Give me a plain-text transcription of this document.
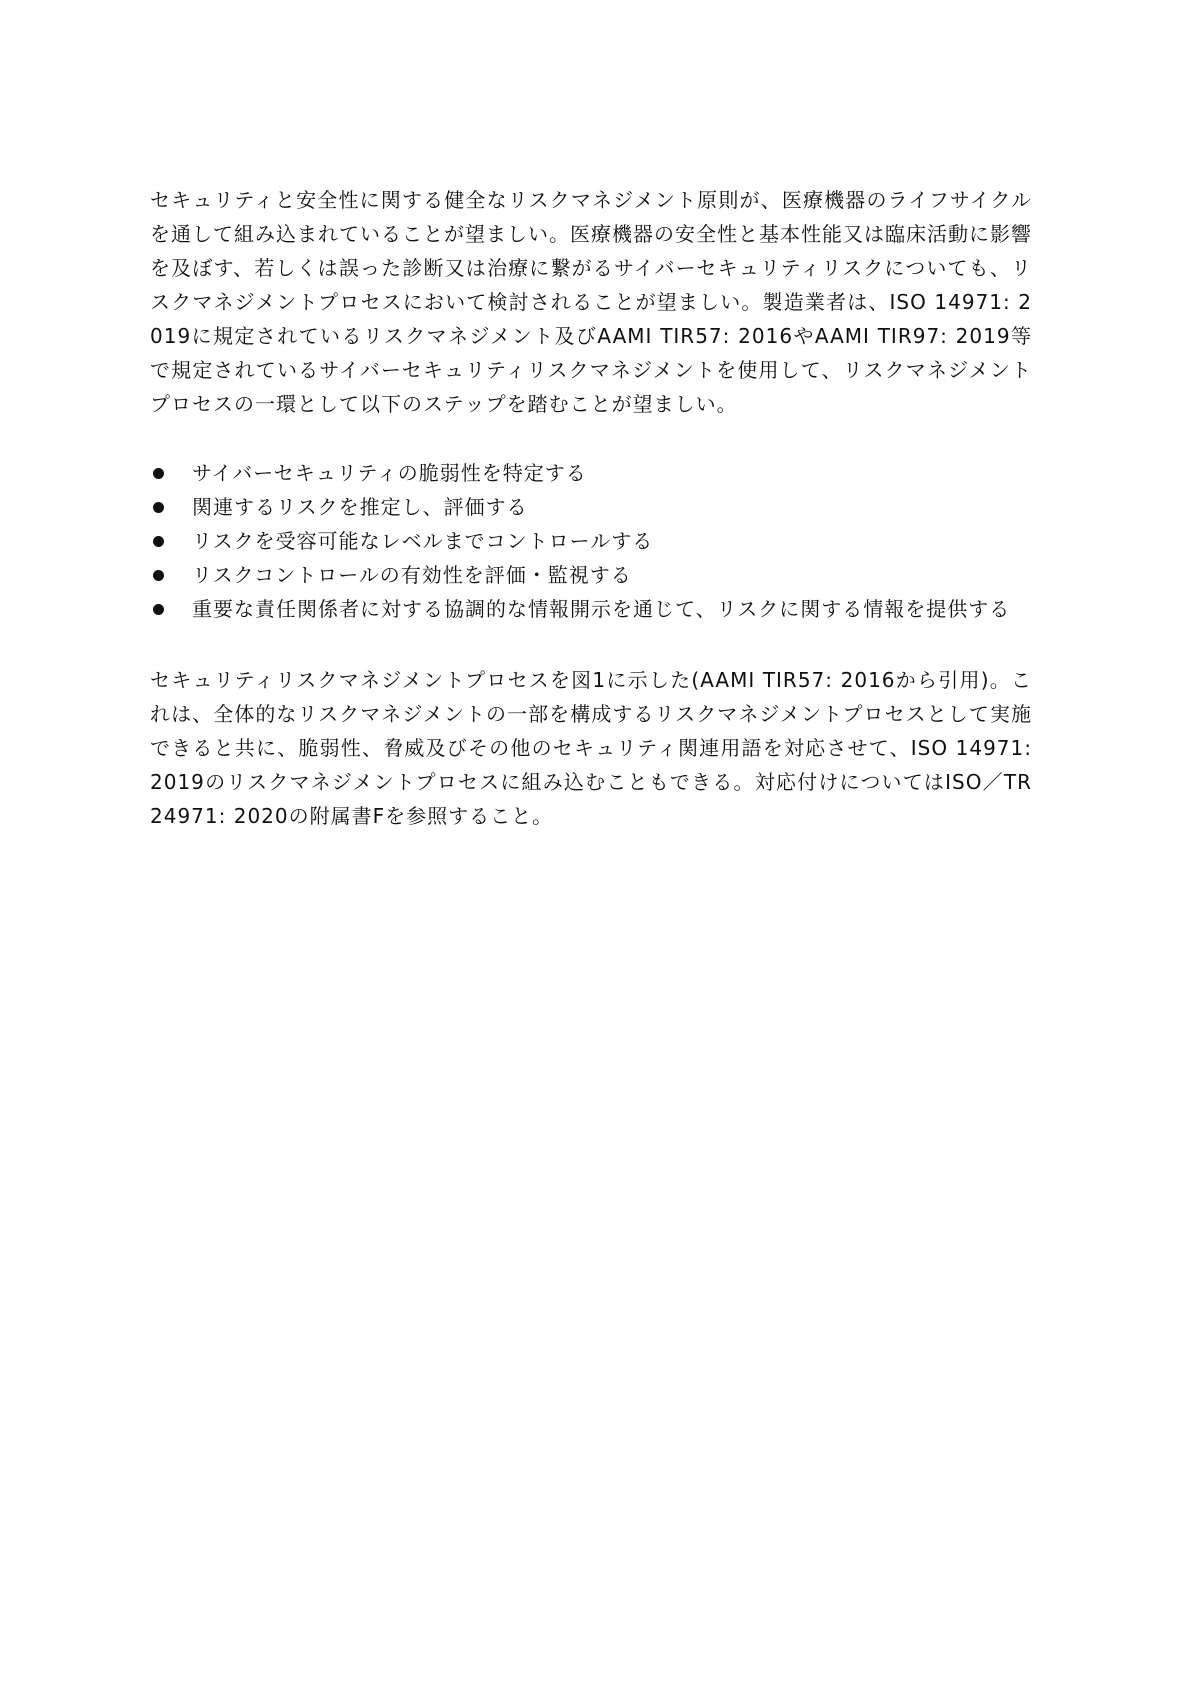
セキュリティと安全性に関する健全なリスクマネジメント原則が、医療機器のライフサイクルを通して組み込まれていることが望ましい。医療機器の安全性と基本性能又は臨床活動に影響を及ぼす、若しくは誤った診断又は治療に繋がるサイバーセキュリティリスクについても、リスクマネジメントプロセスにおいて検討されることが望ましい。製造業者は、ISO 14971: 2019に規定されているリスクマネジメント及びAAMI TIR57: 2016やAAMI TIR97: 2019等で規定されているサイバーセキュリティリスクマネジメントを使用して、リスクマネジメントプロセスの一環として以下のステップを踏むことが望ましい。

サイバーセキュリティの脆弱性を特定する
関連するリスクを推定し、評価する
リスクを受容可能なレベルまでコントロールする
リスクコントロールの有効性を評価・監視する
重要な責任関係者に対する協調的な情報開示を通じて、リスクに関する情報を提供する

セキュリティリスクマネジメントプロセスを図1に示した(AAMI TIR57: 2016から引用)。これは、全体的なリスクマネジメントの一部を構成するリスクマネジメントプロセスとして実施できると共に、脆弱性、脅威及びその他のセキュリティ関連用語を対応させて、ISO 14971: 2019のリスクマネジメントプロセスに組み込むこともできる。対応付けについてはISO／TR 24971: 2020の附属書Fを参照すること。
